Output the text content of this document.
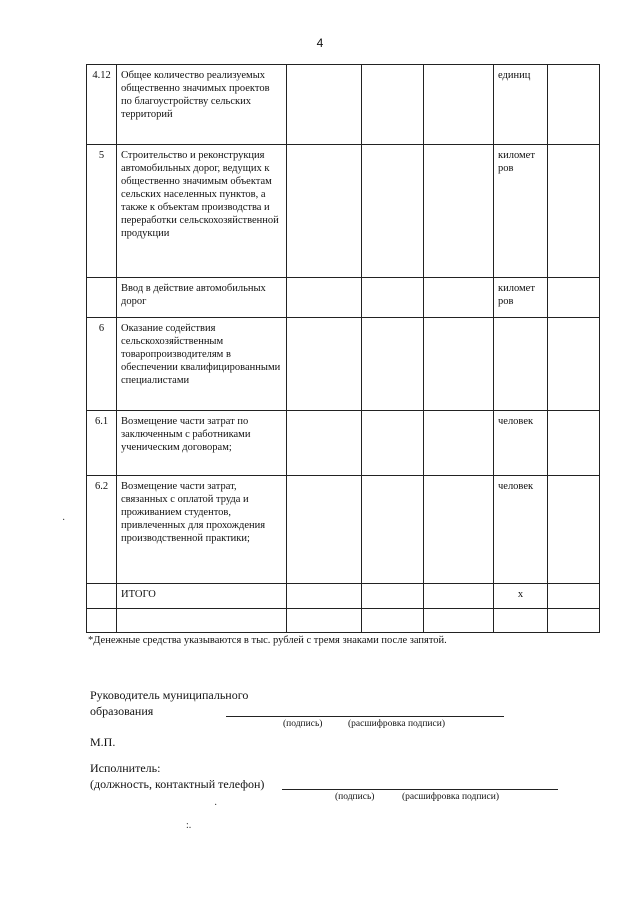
4
4.12	Общее количество реализуемых общественно значимых проектов по благоустройству сельских территорий				единиц	
5	Строительство и реконструкция автомобильных дорог, ведущих к общественно значимым объектам сельских населенных пунктов, а также к объектам производства и переработки сельскохозяйственной продукции				километ ров	
	Ввод в действие автомобильных дорог				километ ров	
6	Оказание содействия сельскохозяйственным товаропроизводителям в обеспечении квалифицированными специалистами					
6.1	Возмещение части затрат по заключенным с работниками ученическим договорам;				человек	
6.2	Возмещение части затрат, связанных с оплатой труда и проживанием студентов, привлеченных для прохождения производственной практики;				человек	
	ИТОГО				х	

*Денежные средства указываются в тыс. рублей с тремя знаками после запятой.
Руководитель муниципального
образования
(подпись)	(расшифровка подписи)
М.П.
Исполнитель:
(должность, контактный телефон)
(подпись)	(расшифровка подписи)
·
·
:.
